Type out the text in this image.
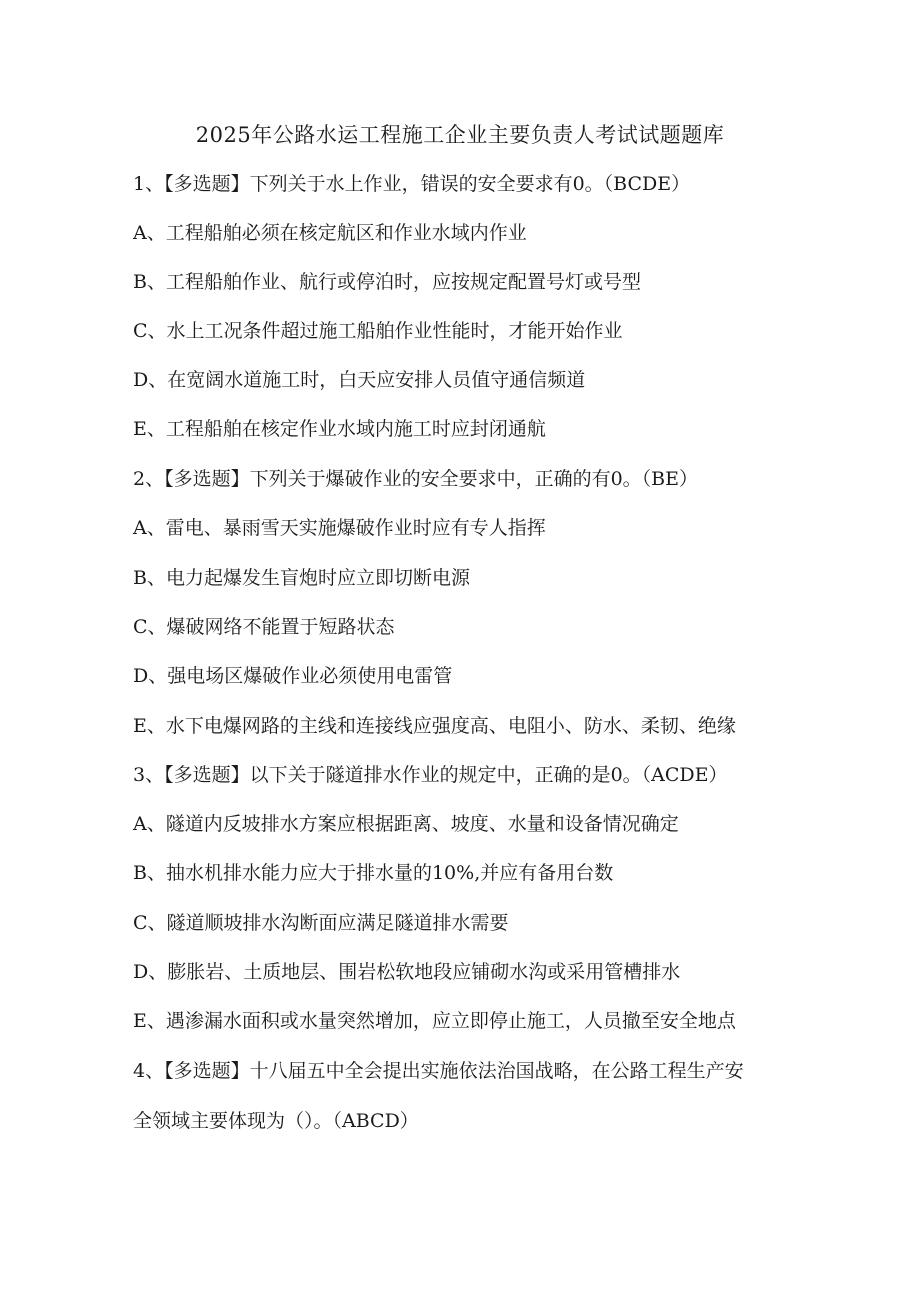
2025年公路水运工程施工企业主要负责人考试试题题库
1、【多选题】下列关于水上作业，错误的安全要求有0。（BCDE）
A、工程船舶必须在核定航区和作业水域内作业
B、工程船舶作业、航行或停泊时，应按规定配置号灯或号型
C、水上工况条件超过施工船舶作业性能时，才能开始作业
D、在宽阔水道施工时，白天应安排人员值守通信频道
E、工程船舶在核定作业水域内施工时应封闭通航
2、【多选题】下列关于爆破作业的安全要求中，正确的有0。（BE）
A、雷电、暴雨雪天实施爆破作业时应有专人指挥
B、电力起爆发生盲炮时应立即切断电源
C、爆破网络不能置于短路状态
D、强电场区爆破作业必须使用电雷管
E、水下电爆网路的主线和连接线应强度高、电阻小、防水、柔韧、绝缘
3、【多选题】以下关于隧道排水作业的规定中，正确的是0。（ACDE）
A、隧道内反坡排水方案应根据距离、坡度、水量和设备情况确定
B、抽水机排水能力应大于排水量的10%,并应有备用台数
C、隧道顺坡排水沟断面应满足隧道排水需要
D、膨胀岩、土质地层、围岩松软地段应铺砌水沟或采用管槽排水
E、遇渗漏水面积或水量突然增加，应立即停止施工，人员撤至安全地点
4、【多选题】十八届五中全会提出实施依法治国战略，在公路工程生产安
全领域主要体现为（）。（ABCD）
